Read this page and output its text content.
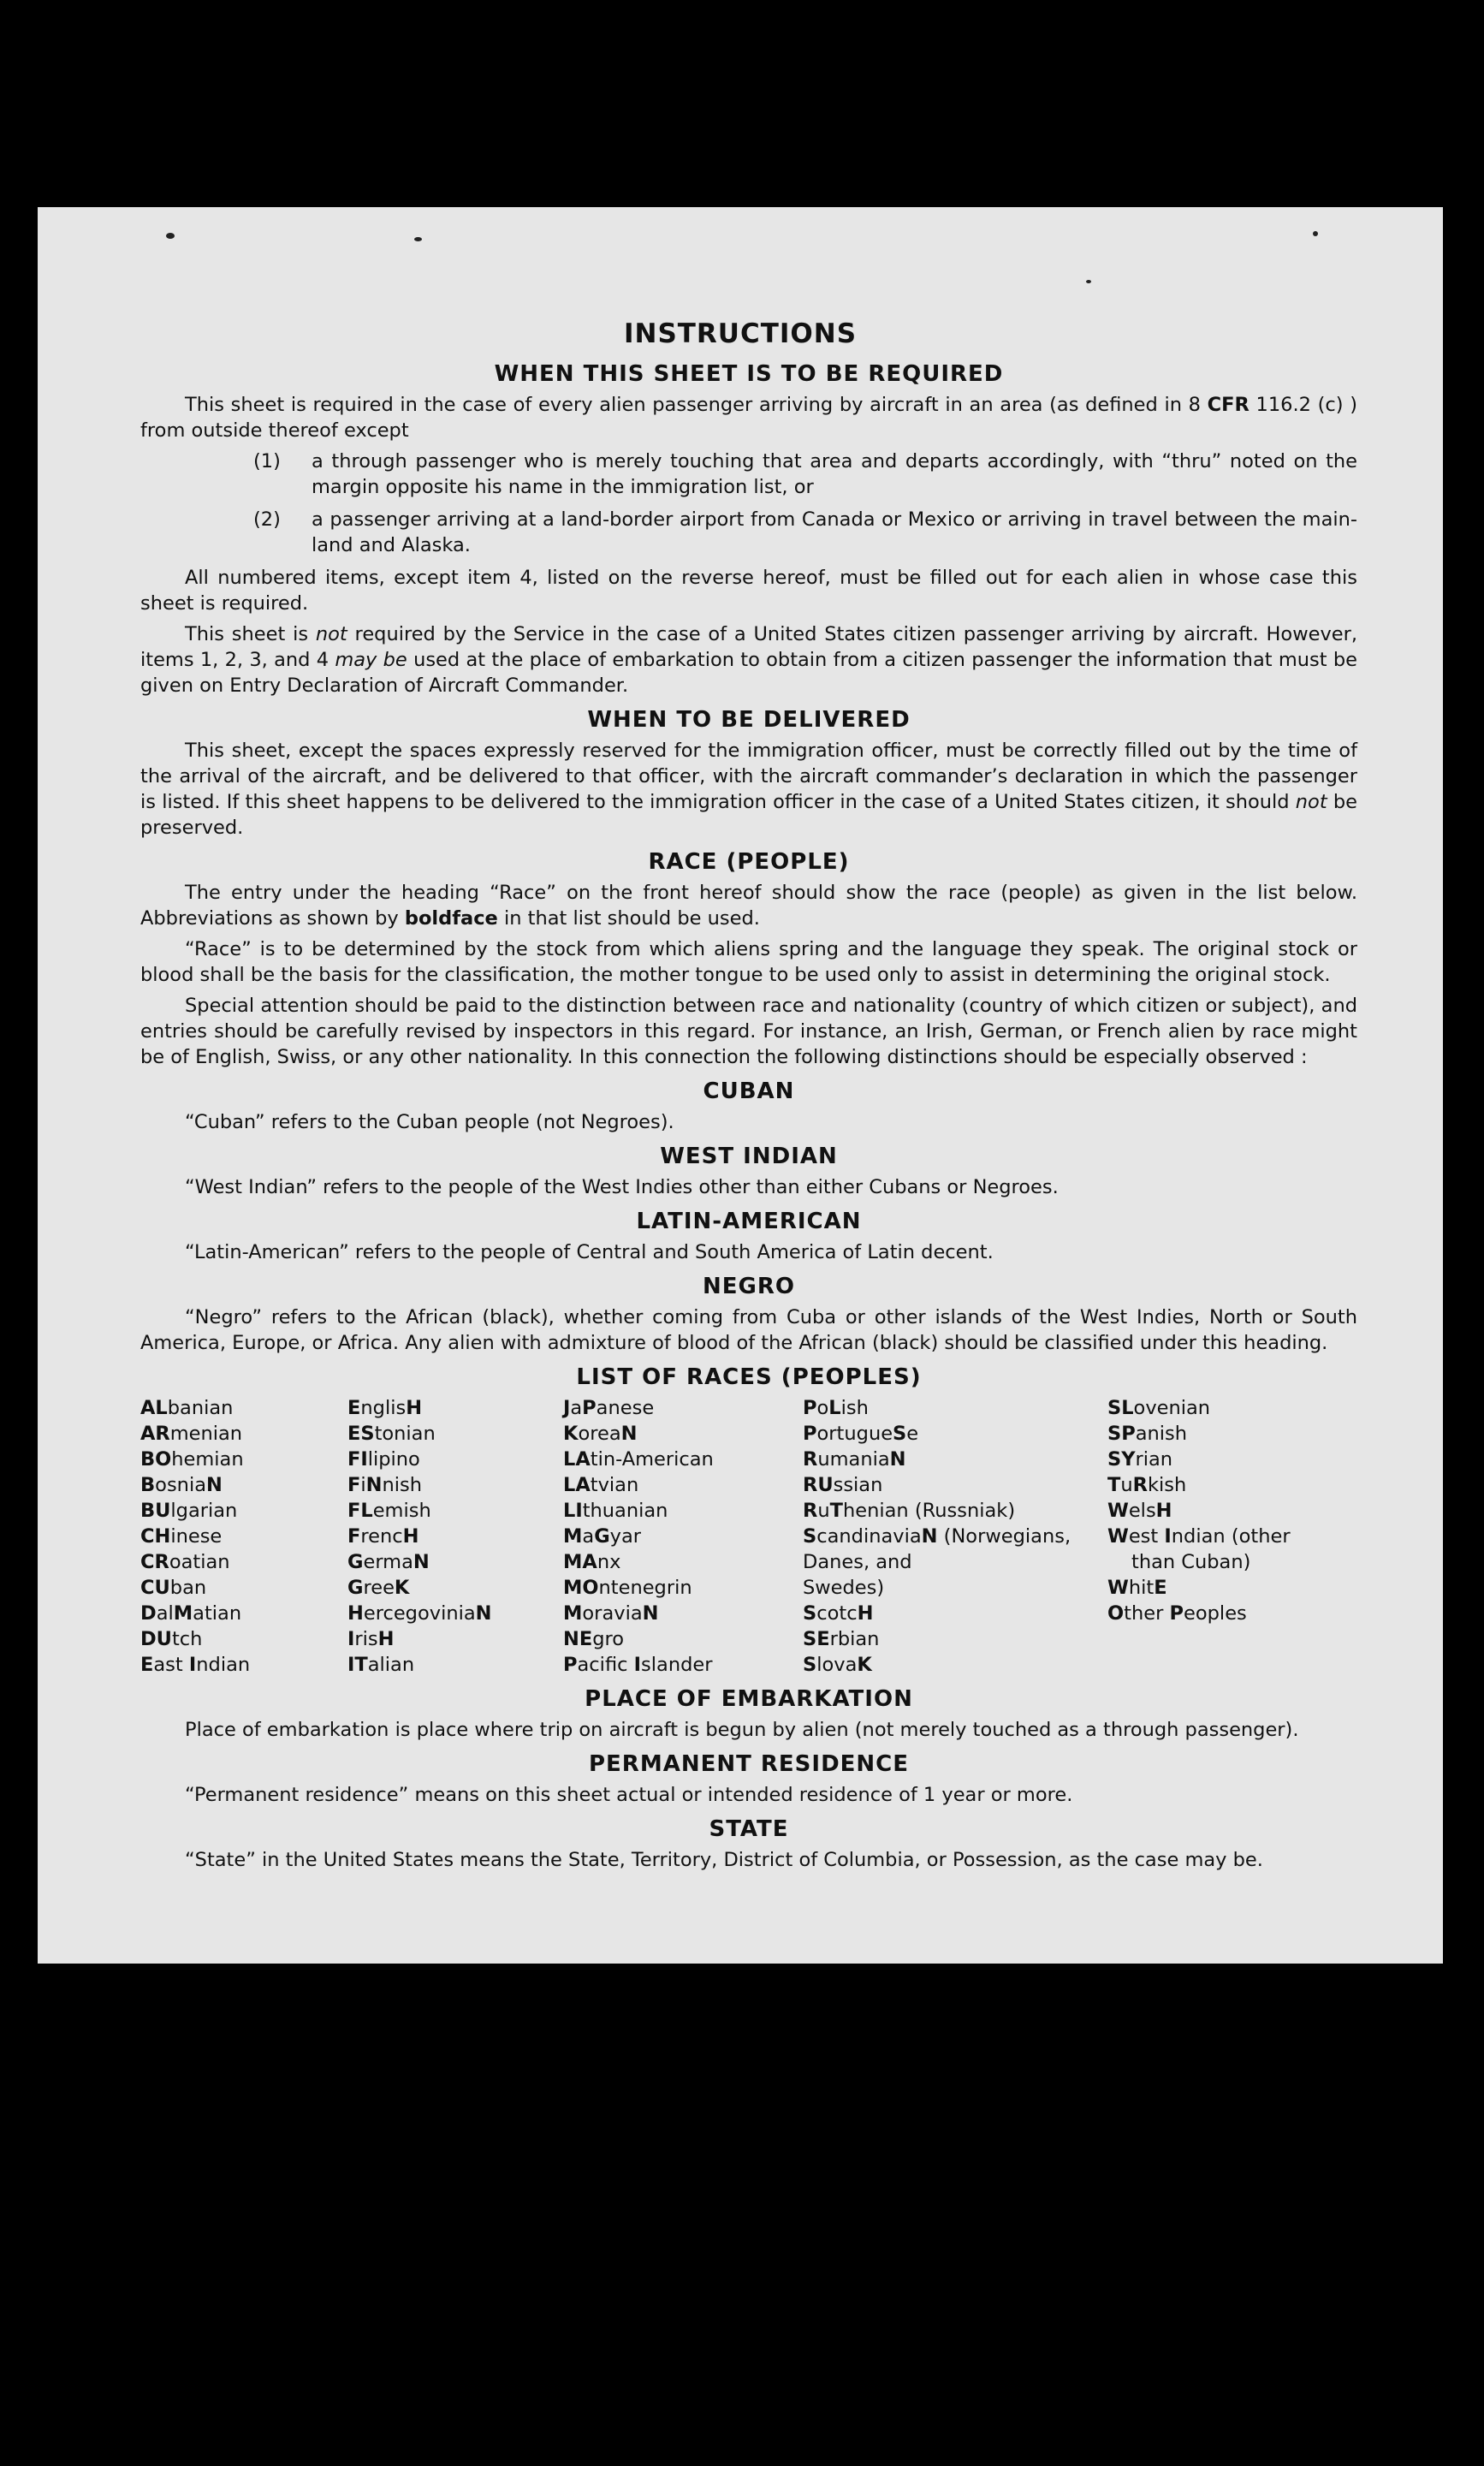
INSTRUCTIONS
WHEN THIS SHEET IS TO BE REQUIRED

This sheet is required in the case of every alien passenger arriving by aircraft in an area (as defined in 8 CFR 116.2 (c) ) from outside thereof except

(1)	a through passenger who is merely touching that area and departs accordingly, with “thru” noted on the margin opposite his name in the immigration list, or
(2)	a passenger arriving at a land-border airport from Canada or Mexico or arriving in travel between the main-land and Alaska.

All numbered items, except item 4, listed on the reverse hereof, must be filled out for each alien in whose case this sheet is required.

This sheet is not required by the Service in the case of a United States citizen passenger arriving by aircraft. However, items 1, 2, 3, and 4 may be used at the place of embarkation to obtain from a citizen passenger the information that must be given on Entry Declaration of Aircraft Commander.

WHEN TO BE DELIVERED

This sheet, except the spaces expressly reserved for the immigration officer, must be correctly filled out by the time of the arrival of the aircraft, and be delivered to that officer, with the aircraft commander’s declaration in which the passenger is listed. If this sheet happens to be delivered to the immigration officer in the case of a United States citizen, it should not be preserved.

RACE (PEOPLE)

The entry under the heading “Race” on the front hereof should show the race (people) as given in the list below. Abbreviations as shown by boldface in that list should be used.

“Race” is to be determined by the stock from which aliens spring and the language they speak. The original stock or blood shall be the basis for the classification, the mother tongue to be used only to assist in determining the original stock.

Special attention should be paid to the distinction between race and nationality (country of which citizen or subject), and entries should be carefully revised by inspectors in this regard. For instance, an Irish, German, or French alien by race might be of English, Swiss, or any other nationality. In this connection the following distinctions should be especially observed :

CUBAN

“Cuban” refers to the Cuban people (not Negroes).

WEST INDIAN

“West Indian” refers to the people of the West Indies other than either Cubans or Negroes.

LATIN-AMERICAN

“Latin-American” refers to the people of Central and South America of Latin decent.

NEGRO

“Negro” refers to the African (black), whether coming from Cuba or other islands of the West Indies, North or South America, Europe, or Africa. Any alien with admixture of blood of the African (black) should be classified under this heading.

LIST OF RACES (PEOPLES)
ALbanian
ARmenian
BOhemian
BosniaN
BUlgarian
CHinese
CRoatian
CUban
DalMatian
DUtch
East Indian
EnglisH
EStonian
FIlipino
FiNnish
FLemish
FrencH
GermaN
GreeK
HercegoviniaN
IrisH
ITalian
JaPanese
KoreaN
LAtin-American
LAtvian
LIthuanian
MaGyar
MAnx
MOntenegrin
MoraviaN
NEgro
Pacifc Islander
PoLish
PortugueSe
RumaniaN
RUssian
RuThenian (Russniak)
ScandinaviaN (Norwegians,
Danes, and
Swedes)
ScotcH
SErbian
SlovaK
SLovenian
SPanish
SYrian
TuRkish
WelsH
West Indian (other
than Cuban)
WhitE
Other Peoples
PLACE OF EMBARKATION

Place of embarkation is place where trip on aircraft is begun by alien (not merely touched as a through passenger).

PERMANENT RESIDENCE

“Permanent residence” means on this sheet actual or intended residence of 1 year or more.

STATE

“State” in the United States means the State, Territory, District of Columbia, or Possession, as the case may be.
